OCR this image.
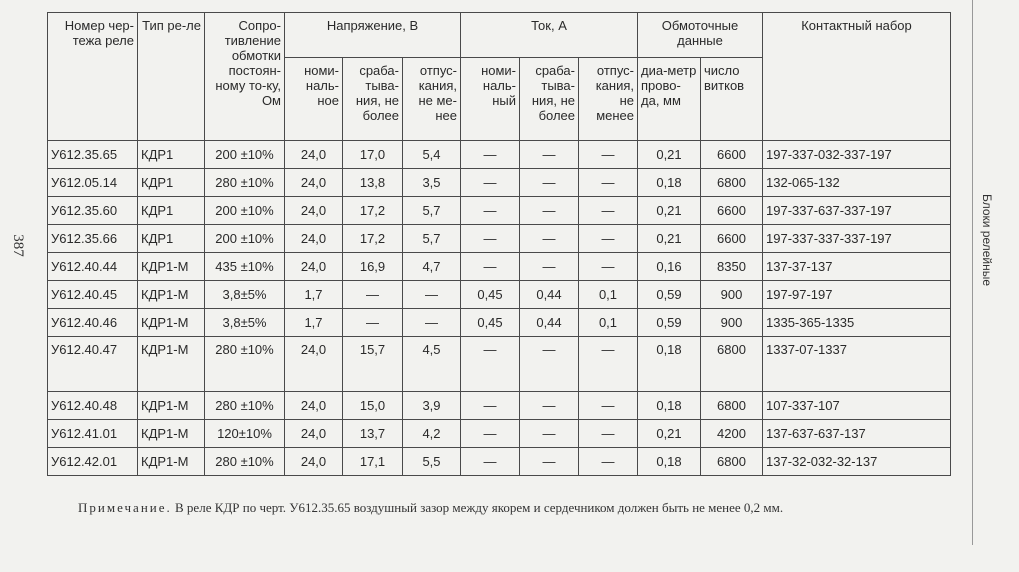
387	Блоки релейные
Номер чер-тежа реле	Тип ре-ле	Сопро-тивление обмотки постоян-ному то-ку, Ом	Напряжение, В			Ток, А			Обмоточные данные		Контактный набор
			номи-наль-ное	сраба-тыва-ния, не более	отпус-кания, не ме-нее	номи-наль-ный	сраба-тыва-ния, не более	отпус-кания, не менее	диа-метр прово-да, мм	число витков	
У612.35.65	КДР1	200 ±10%	24,0	17,0	5,4	—	—	—	0,21	6600	197-337-032-337-197
У612.05.14	КДР1	280 ±10%	24,0	13,8	3,5	—	—	—	0,18	6800	132-065-132
У612.35.60	КДР1	200 ±10%	24,0	17,2	5,7	—	—	—	0,21	6600	197-337-637-337-197
У612.35.66	КДР1	200 ±10%	24,0	17,2	5,7	—	—	—	0,21	6600	197-337-337-337-197
У612.40.44	КДР1-М	435 ±10%	24,0	16,9	4,7	—	—	—	0,16	8350	137-37-137
У612.40.45	КДР1-М	3,8±5%	1,7	—	—	0,45	0,44	0,1	0,59	900	197-97-197
У612.40.46	КДР1-М	3,8±5%	1,7	—	—	0,45	0,44	0,1	0,59	900	1335-365-1335
У612.40.47	КДР1-М	280 ±10%	24,0	15,7	4,5	—	—	—	0,18	6800	1337-07-1337
У612.40.48	КДР1-М	280 ±10%	24,0	15,0	3,9	—	—	—	0,18	6800	107-337-107
У612.41.01	КДР1-М	120±10%	24,0	13,7	4,2	—	—	—	0,21	4200	137-637-637-137
У612.42.01	КДР1-М	280 ±10%	24,0	17,1	5,5	—	—	—	0,18	6800	137-32-032-32-137
Примечание. В реле КДР по черт. У612.35.65 воздушный зазор между якорем и сердечником должен быть не менее 0,2 мм.
